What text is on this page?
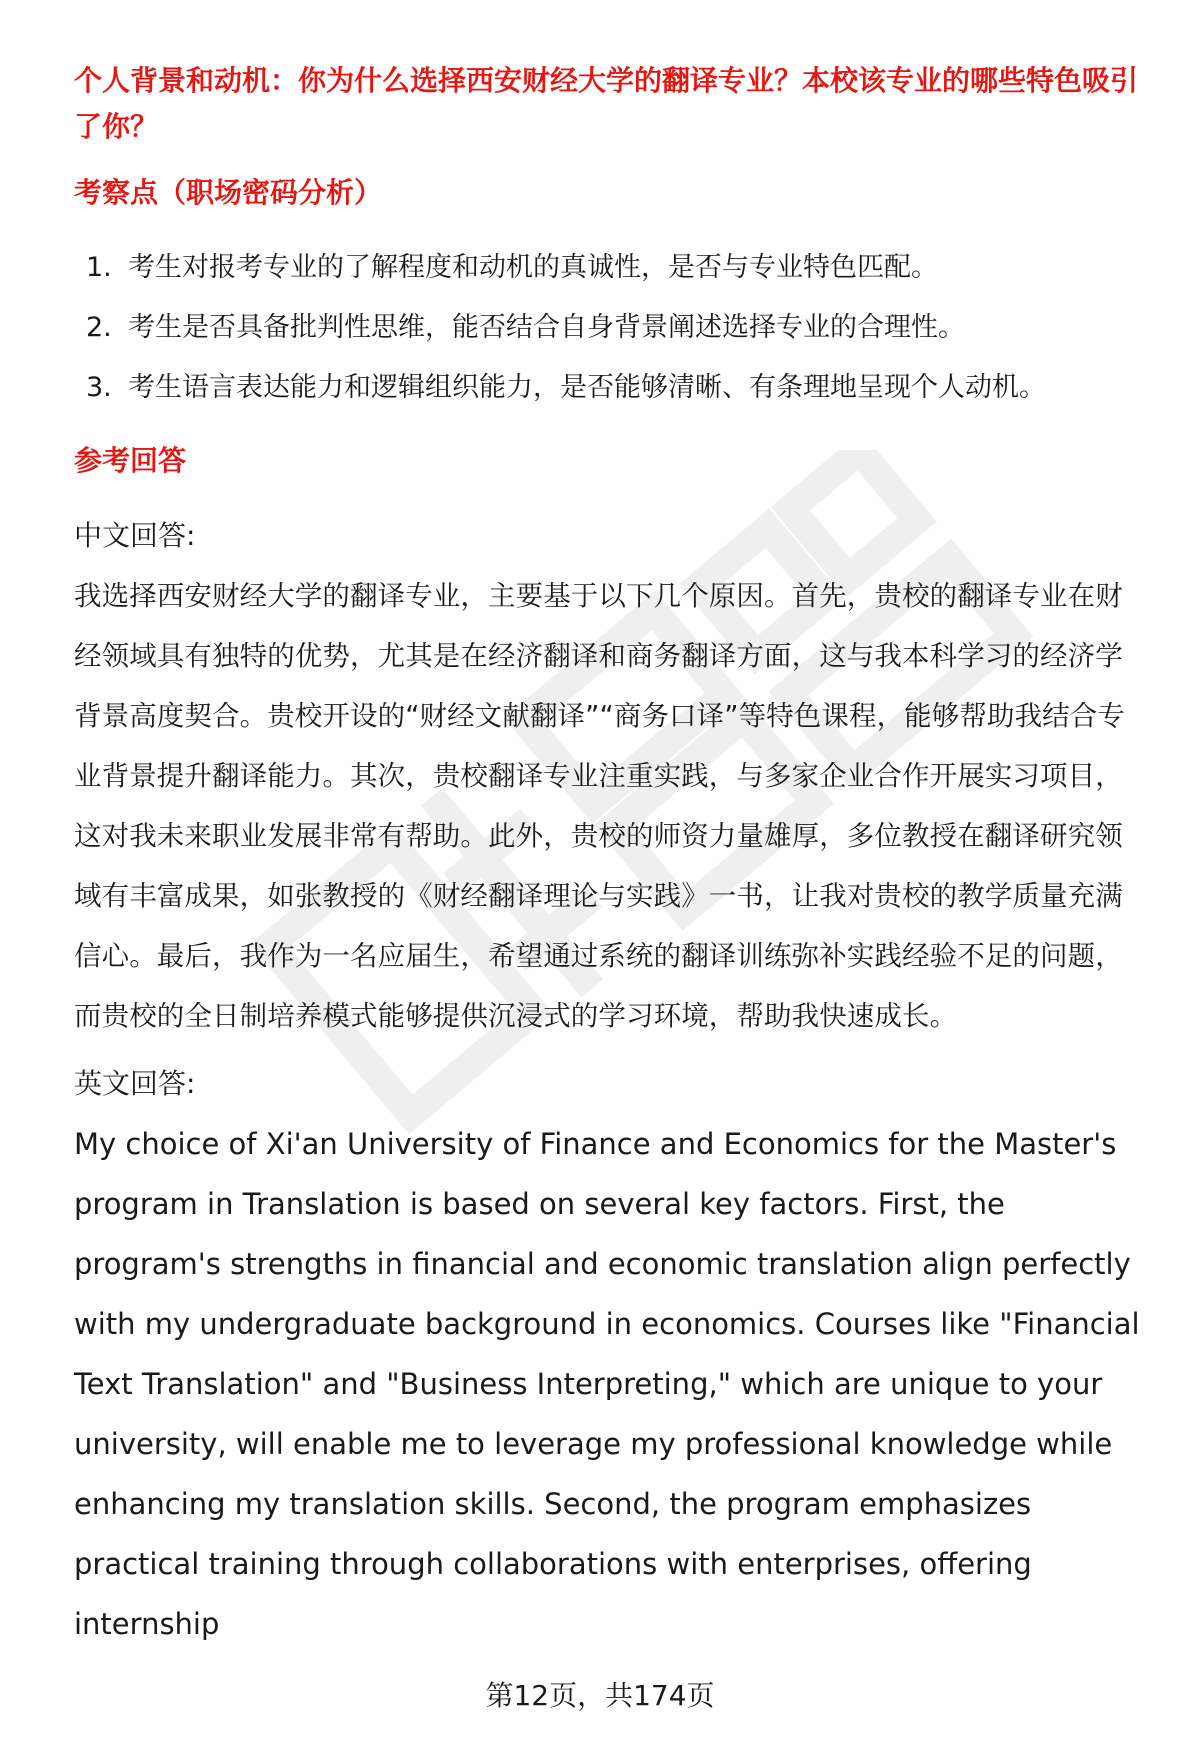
个人背景和动机：你为什么选择西安财经大学的翻译专业？本校该专业的哪些特色吸引了你？
考察点（职场密码分析）
1. 考生对报考专业的了解程度和动机的真诚性，是否与专业特色匹配。
2. 考生是否具备批判性思维，能否结合自身背景阐述选择专业的合理性。
3. 考生语言表达能力和逻辑组织能力，是否能够清晰、有条理地呈现个人动机。
参考回答

中文回答:

我选择西安财经大学的翻译专业，主要基于以下几个原因。首先，贵校的翻译专业在财经领域具有独特的优势，尤其是在经济翻译和商务翻译方面，这与我本科学习的经济学背景高度契合。贵校开设的“财经文献翻译”“商务口译”等特色课程，能够帮助我结合专业背景提升翻译能力。其次，贵校翻译专业注重实践，与多家企业合作开展实习项目，这对我未来职业发展非常有帮助。此外，贵校的师资力量雄厚，多位教授在翻译研究领域有丰富成果，如张教授的《财经翻译理论与实践》一书，让我对贵校的教学质量充满信心。最后，我作为一名应届生，希望通过系统的翻译训练弥补实践经验不足的问题，而贵校的全日制培养模式能够提供沉浸式的学习环境，帮助我快速成长。

英文回答:

My choice of Xi'an University of Finance and Economics for the Master's program in Translation is based on several key factors. First, the program's strengths in financial and economic translation align perfectly with my undergraduate background in economics. Courses like "Financial Text Translation" and "Business Interpreting," which are unique to your university, will enable me to leverage my professional knowledge while enhancing my translation skills. Second, the program emphasizes practical training through collaborations with enterprises, offering internship

第12页，共174页
